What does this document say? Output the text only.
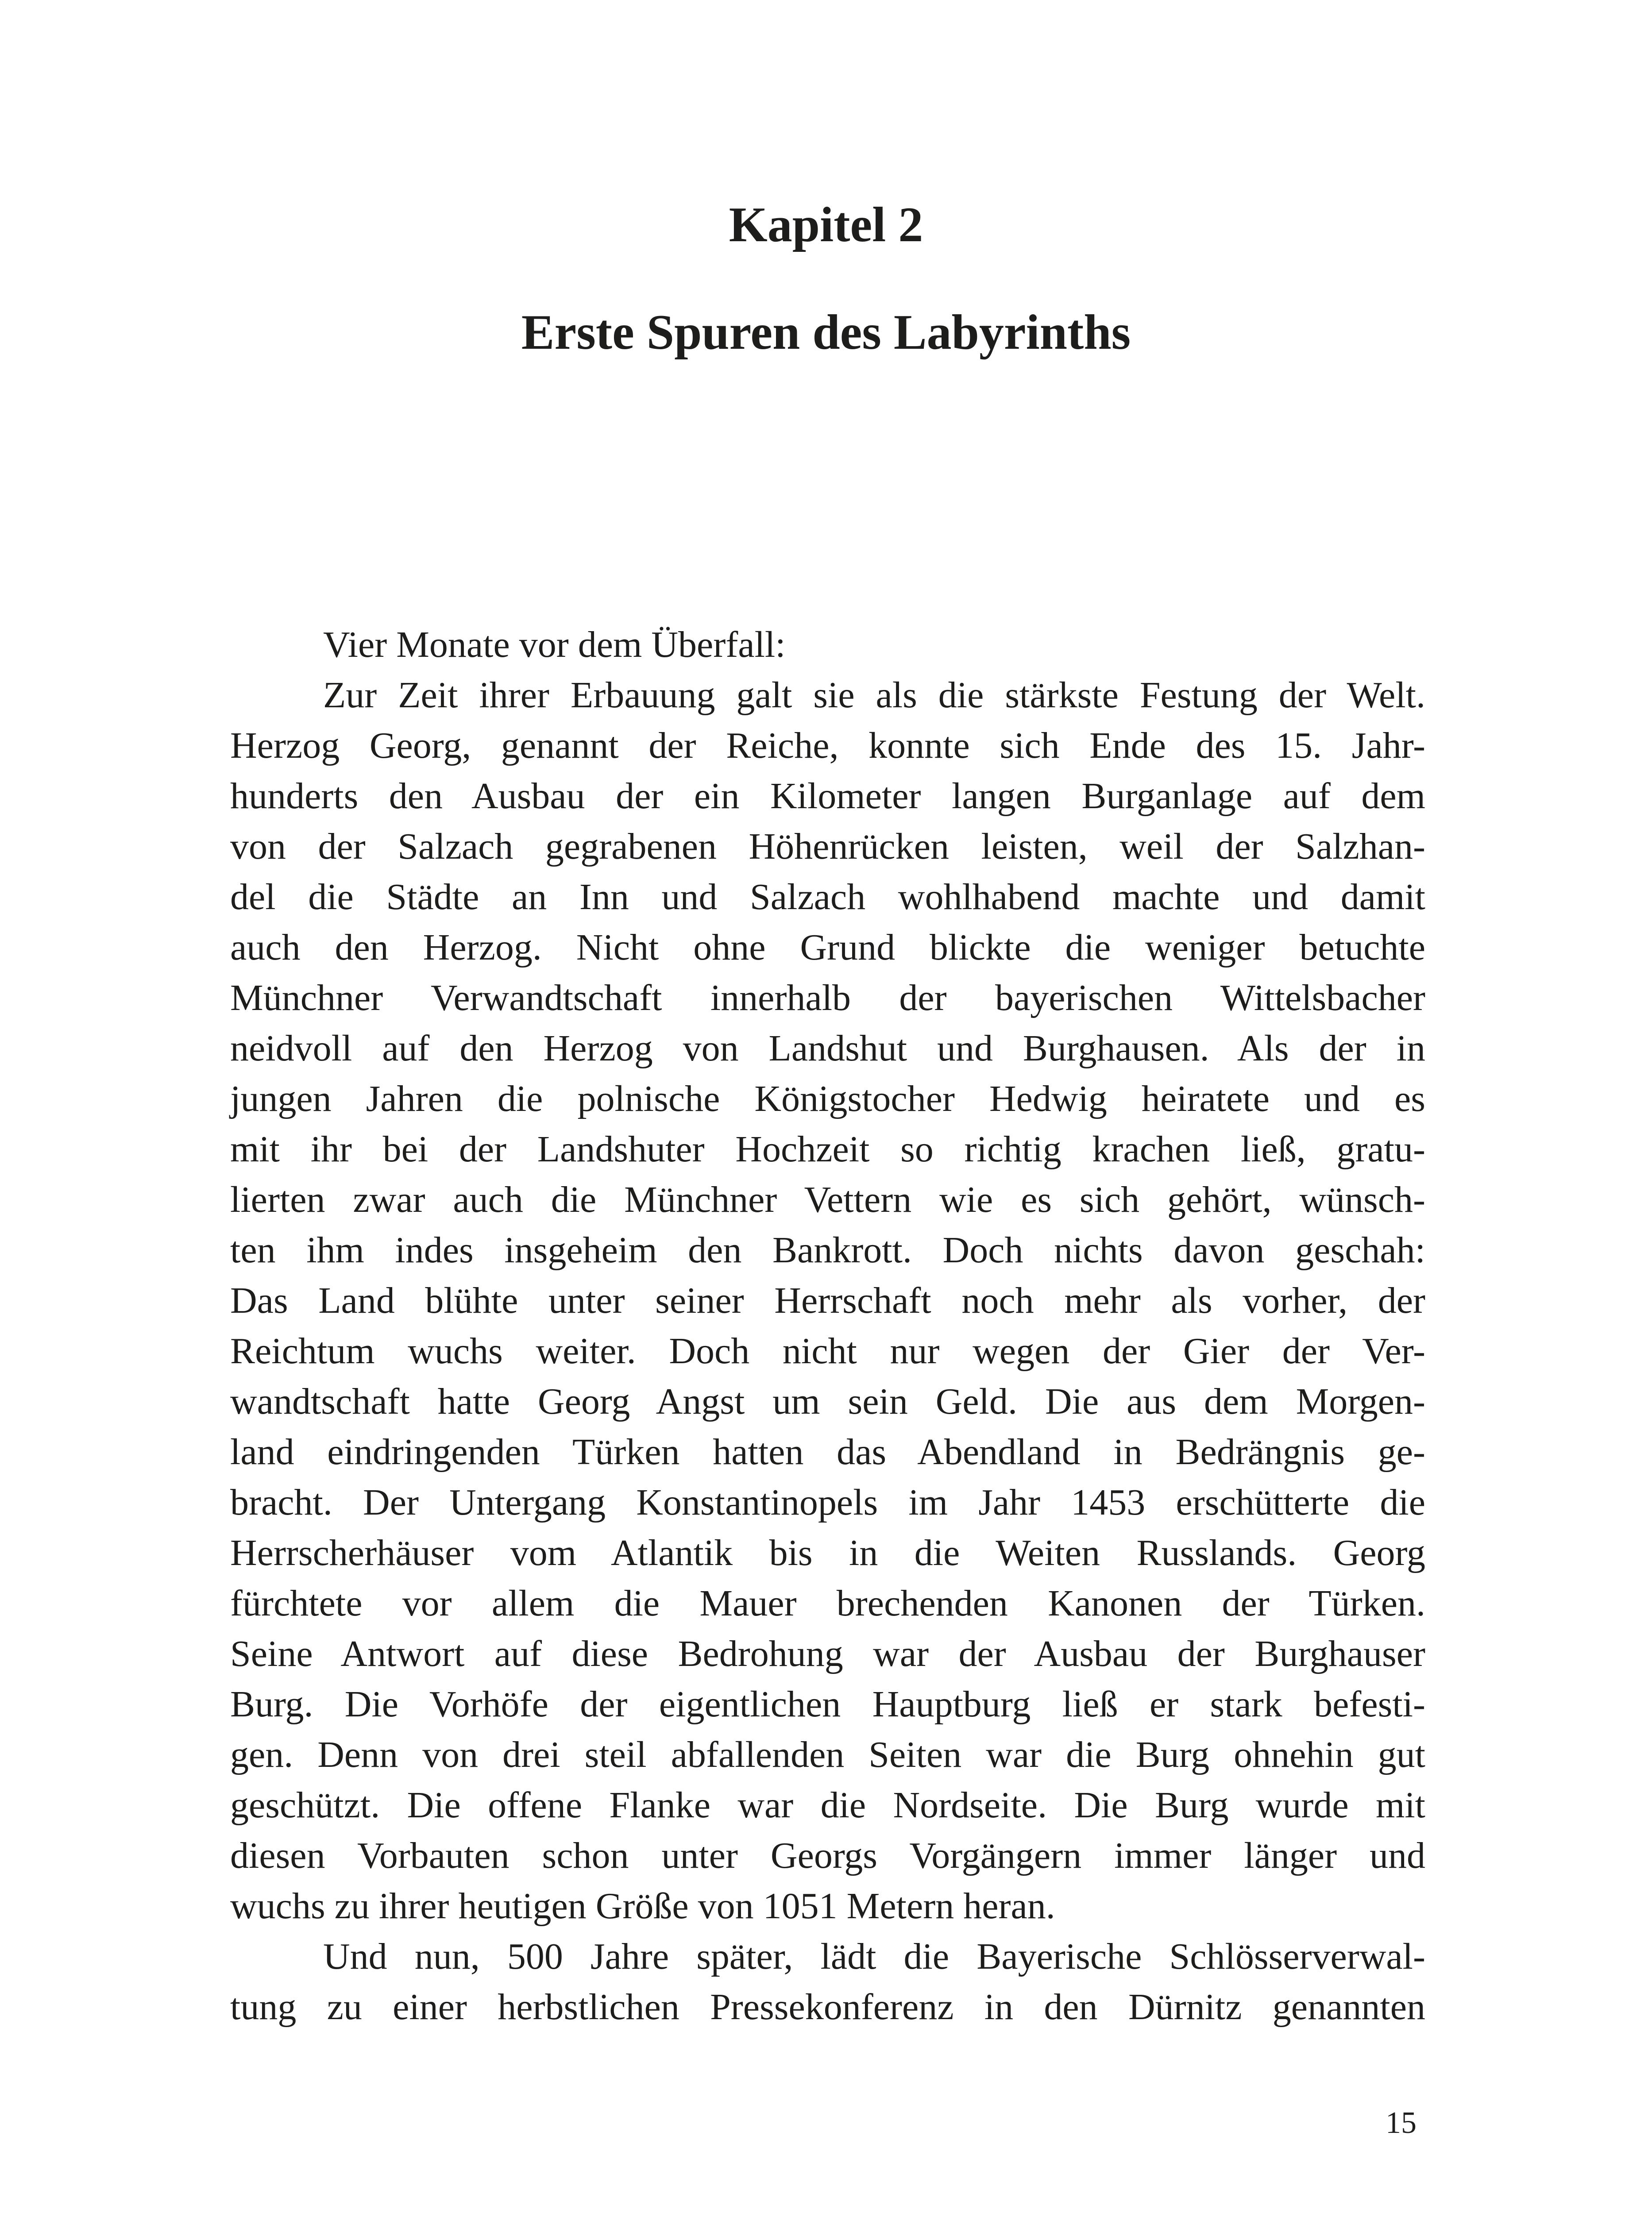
Kapitel 2
Erste Spuren des Labyrinths
Vier Monate vor dem Überfall:
Zur Zeit ihrer Erbauung galt sie als die stärkste Festung der Welt.
Herzog Georg, genannt der Reiche, konnte sich Ende des 15. Jahr-
hunderts den Ausbau der ein Kilometer langen Burganlage auf dem
von der Salzach gegrabenen Höhenrücken leisten, weil der Salzhan-
del die Städte an Inn und Salzach wohlhabend machte und damit
auch den Herzog. Nicht ohne Grund blickte die weniger betuchte
Münchner Verwandtschaft innerhalb der bayerischen Wittelsbacher
neidvoll auf den Herzog von Landshut und Burghausen. Als der in
jungen Jahren die polnische Königstocher Hedwig heiratete und es
mit ihr bei der Landshuter Hochzeit so richtig krachen ließ, gratu-
lierten zwar auch die Münchner Vettern wie es sich gehört, wünsch-
ten ihm indes insgeheim den Bankrott. Doch nichts davon geschah:
Das Land blühte unter seiner Herrschaft noch mehr als vorher, der
Reichtum wuchs weiter. Doch nicht nur wegen der Gier der Ver-
wandtschaft hatte Georg Angst um sein Geld. Die aus dem Morgen-
land eindringenden Türken hatten das Abendland in Bedrängnis ge-
bracht. Der Untergang Konstantinopels im Jahr 1453 erschütterte die
Herrscherhäuser vom Atlantik bis in die Weiten Russlands. Georg
fürchtete vor allem die Mauer brechenden Kanonen der Türken.
Seine Antwort auf diese Bedrohung war der Ausbau der Burghauser
Burg. Die Vorhöfe der eigentlichen Hauptburg ließ er stark befesti-
gen. Denn von drei steil abfallenden Seiten war die Burg ohnehin gut
geschützt. Die offene Flanke war die Nordseite. Die Burg wurde mit
diesen Vorbauten schon unter Georgs Vorgängern immer länger und
wuchs zu ihrer heutigen Größe von 1051 Metern heran.
Und nun, 500 Jahre später, lädt die Bayerische Schlösserverwal-
tung zu einer herbstlichen Pressekonferenz in den Dürnitz genannten
15
